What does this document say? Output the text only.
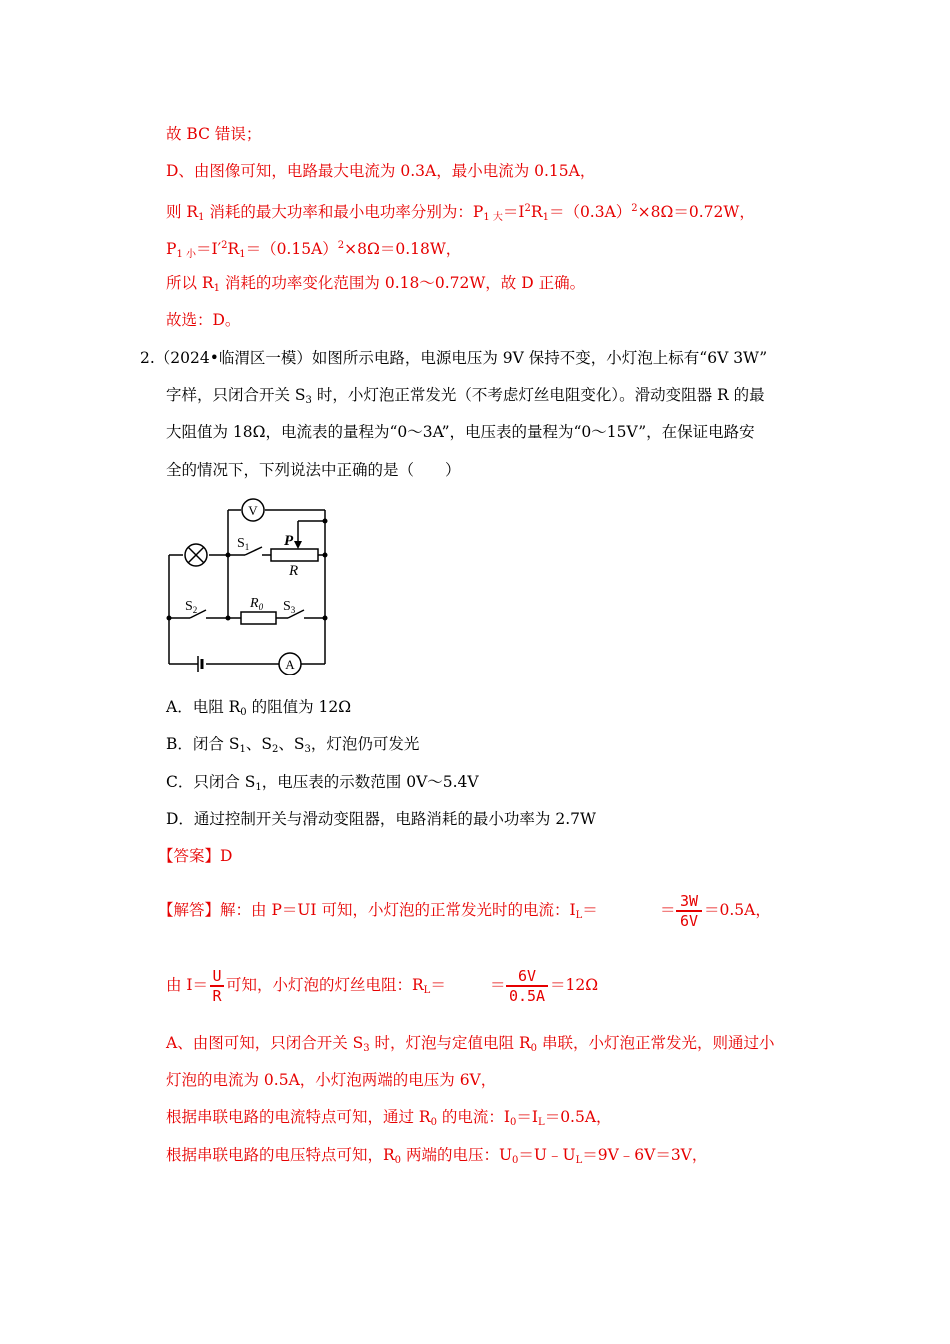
故 BC 错误；
D、由图像可知，电路最大电流为 0.3A，最小电流为 0.15A，
则 $R_1$ 消耗的最大功率和最小电功率分别为：$P_{1 大}=I^2R_1=(0.3A)^2\times 8\Omega=0.72W$，
$P_{1 小}=I'^2R_1=(0.15A)^2\times 8\Omega=0.18W$，
所以 $R_1$ 消耗的功率变化范围为 0.18～0.72W，故 D 正确。
故选：D。
2.（2024•临渭区一模）如图所示电路，电源电压为 9V 保持不变，小灯泡上标有“6V 3W”
字样，只闭合开关 $S_3$ 时，小灯泡正常发光（不考虑灯丝电阻变化）。滑动变阻器 R 的最
大阻值为 18Ω，电流表的量程为“0～3A”，电压表的量程为“0～15V”，在保证电路安
全的情况下，下列说法中正确的是（　　）
V
A
$S_1$ P
R
$S_2$	$R_0$ $S_3$
A．电阻 $R_0$ 的阻值为 12Ω
B．闭合 $S_1$、$S_2$、$S_3$，灯泡仍可发光
C．只闭合 $S_1$，电压表的示数范围 0V～5.4V
D．通过控制开关与滑动变阻器，电路消耗的最小功率为 2.7W
【答案】D
【解答】解：由 P＝UI 可知，小灯泡的正常发光时的电流：$I_L=$	＝ 3W
6V
＝0.5A，
由 I＝ U
R
可知，小灯泡的灯丝电阻：$R_L=$	＝ 6V
0.5A
＝12Ω
A、由图可知，只闭合开关 $S_3$ 时，灯泡与定值电阻 $R_0$ 串联，小灯泡正常发光，则通过小
灯泡的电流为 0.5A，小灯泡两端的电压为 6V，
根据串联电路的电流特点可知，通过 $R_0$ 的电流：$I_0=I_L=0.5A$，
根据串联电路的电压特点可知，$R_0$ 两端的电压：$U_0=U﹣U_L=9V﹣6V=3V$，
